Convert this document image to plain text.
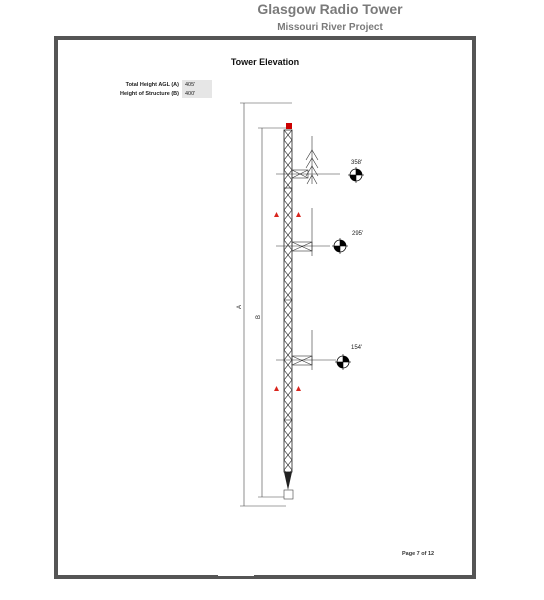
Glasgow Radio Tower
Missouri River Project
Tower Elevation
Total Height AGL (A)	405'
Height of Structure (B)	400'
A
B
358'
295'
154'
Page 7 of 12
